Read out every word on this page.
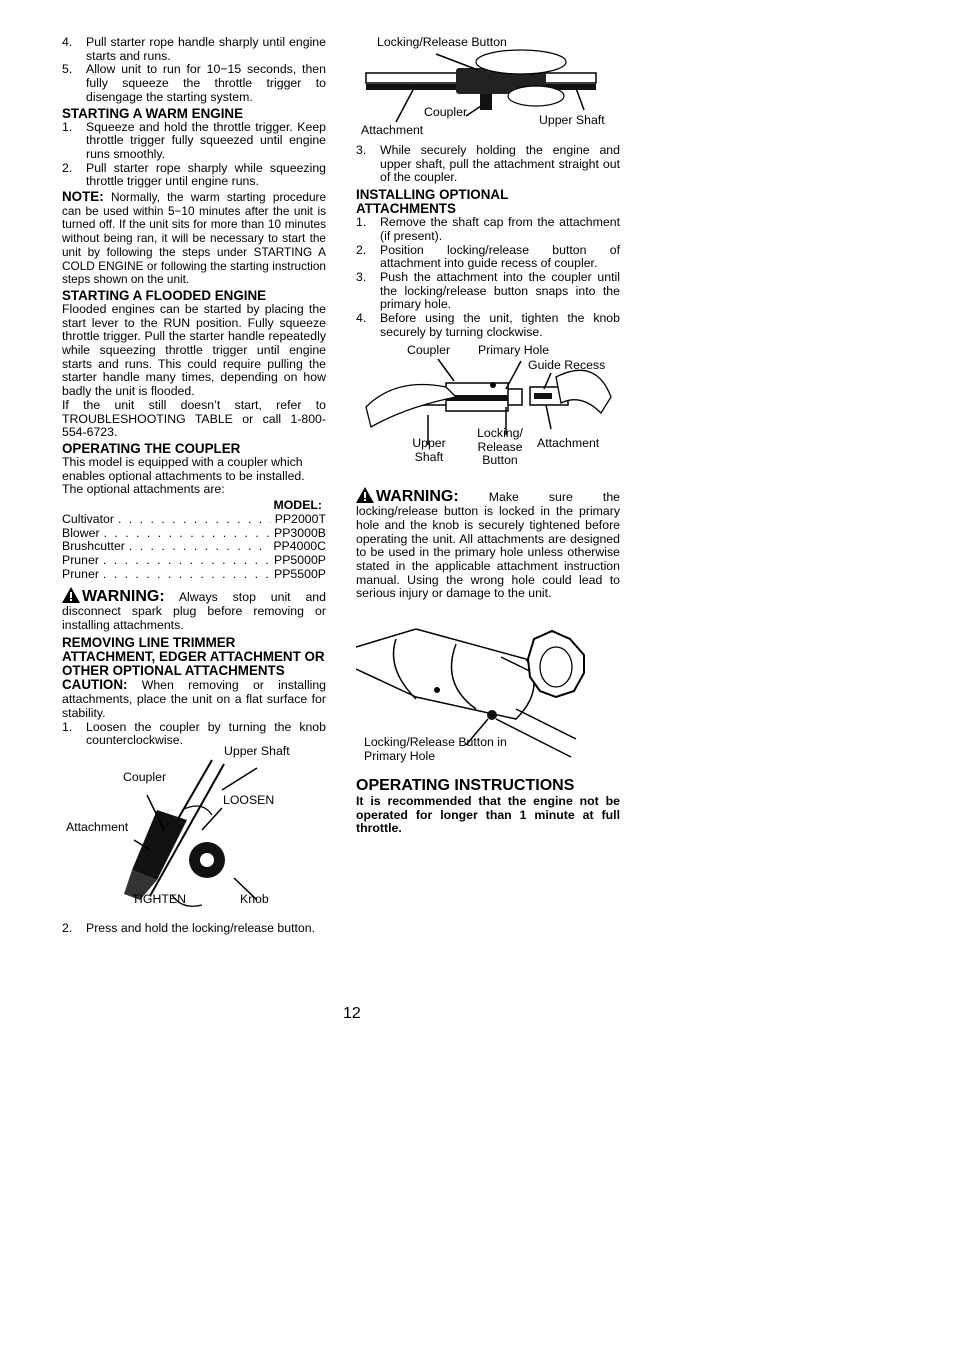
4. Pull starter rope handle sharply until engine starts and runs.
5. Allow unit to run for 10−15 seconds, then fully squeeze the throttle trigger to disengage the starting system.
STARTING A WARM ENGINE
1. Squeeze and hold the throttle trigger. Keep throttle trigger fully squeezed until engine runs smoothly.
2. Pull starter rope sharply while squeezing throttle trigger until engine runs.
NOTE: Normally, the warm starting procedure can be used within 5−10 minutes after the unit is turned off. If the unit sits for more than 10 minutes without being ran, it will be necessary to start the unit by following the steps under STARTING A COLD ENGINE or following the starting instruction steps shown on the unit.
STARTING A FLOODED ENGINE
Flooded engines can be started by placing the start lever to the RUN position. Fully squeeze throttle trigger. Pull the starter handle repeatedly while squeezing throttle trigger until engine starts and runs. This could require pulling the starter handle many times, depending on how badly the unit is flooded.
If the unit still doesn’t start, refer to TROUBLESHOOTING TABLE or call 1-800-554-6723.
OPERATING THE COUPLER
This model is equipped with a coupler which enables optional attachments to be installed. The optional attachments are:
MODEL:
Cultivator . . .	PP2000T
Blower . . .	PP3000B
Brushcutter . . .	PP4000C
Pruner . . .	PP5000P
Pruner . . .	PP5500P
WARNING: Always stop unit and disconnect spark plug before removing or installing attachments.
REMOVING LINE TRIMMER ATTACHMENT, EDGER ATTACHMENT OR OTHER OPTIONAL ATTACHMENTS
CAUTION: When removing or installing attachments, place the unit on a flat surface for stability.
1. Loosen the coupler by turning the knob counterclockwise.
Upper Shaft
Coupler
LOOSEN
Attachment
TIGHTEN	Knob
2. Press and hold the locking/release button.
Locking/Release Button
Coupler
Attachment
Upper Shaft
3. While securely holding the engine and upper shaft, pull the attachment straight out of the coupler.
INSTALLING OPTIONAL ATTACHMENTS
1. Remove the shaft cap from the attachment (if present).
2. Position locking/release button of attachment into guide recess of coupler.
3. Push the attachment into the coupler until the locking/release button snaps into the primary hole.
4. Before using the unit, tighten the knob securely by turning clockwise.
Coupler Primary Hole
Guide Recess
Upper Shaft
Locking/ Release Button
Attachment
WARNING: Make sure the locking/release button is locked in the primary hole and the knob is securely tightened before operating the unit. All attachments are designed to be used in the primary hole unless otherwise stated in the applicable attachment instruction manual. Using the wrong hole could lead to serious injury or damage to the unit.
Locking/Release Button in Primary Hole
OPERATING INSTRUCTIONS
It is recommended that the engine not be operated for longer than 1 minute at full throttle.
12
